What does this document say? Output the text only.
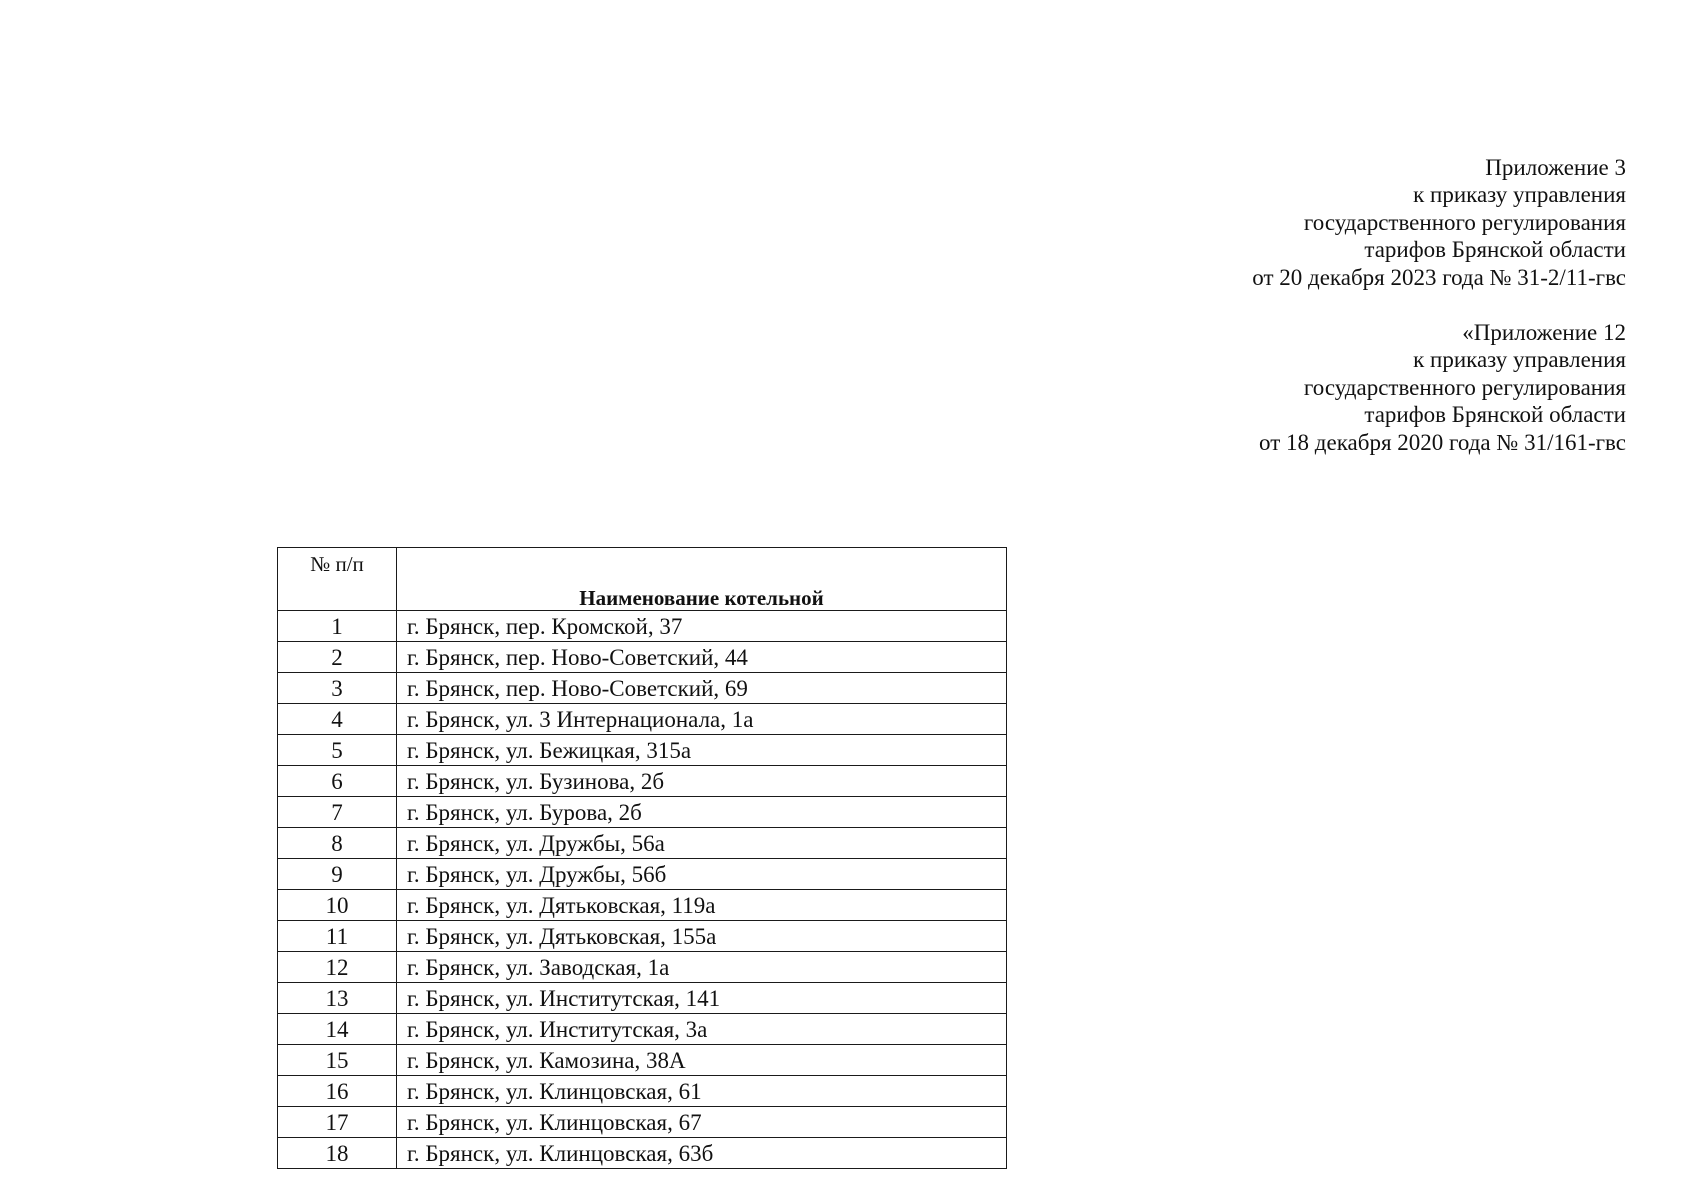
Приложение 3
к приказу управления
государственного регулирования
тарифов Брянской области
от 20 декабря 2023 года № 31-2/11-гвс
«Приложение 12
к приказу управления
государственного регулирования
тарифов Брянской области
от 18 декабря 2020 года № 31/161-гвс
№ п/п	Наименование котельной
1	г. Брянск, пер. Кромской, 37
2	г. Брянск, пер. Ново-Советский, 44
3	г. Брянск, пер. Ново-Советский, 69
4	г. Брянск, ул. 3 Интернационала, 1а
5	г. Брянск, ул. Бежицкая, 315а
6	г. Брянск, ул. Бузинова, 2б
7	г. Брянск, ул. Бурова, 2б
8	г. Брянск, ул. Дружбы, 56а
9	г. Брянск, ул. Дружбы, 56б
10	г. Брянск, ул. Дятьковская, 119а
11	г. Брянск, ул. Дятьковская, 155а
12	г. Брянск, ул. Заводская, 1а
13	г. Брянск, ул. Институтская, 141
14	г. Брянск, ул. Институтская, 3а
15	г. Брянск, ул. Камозина, 38А
16	г. Брянск, ул. Клинцовская, 61
17	г. Брянск, ул. Клинцовская, 67
18	г. Брянск, ул. Клинцовская, 63б
